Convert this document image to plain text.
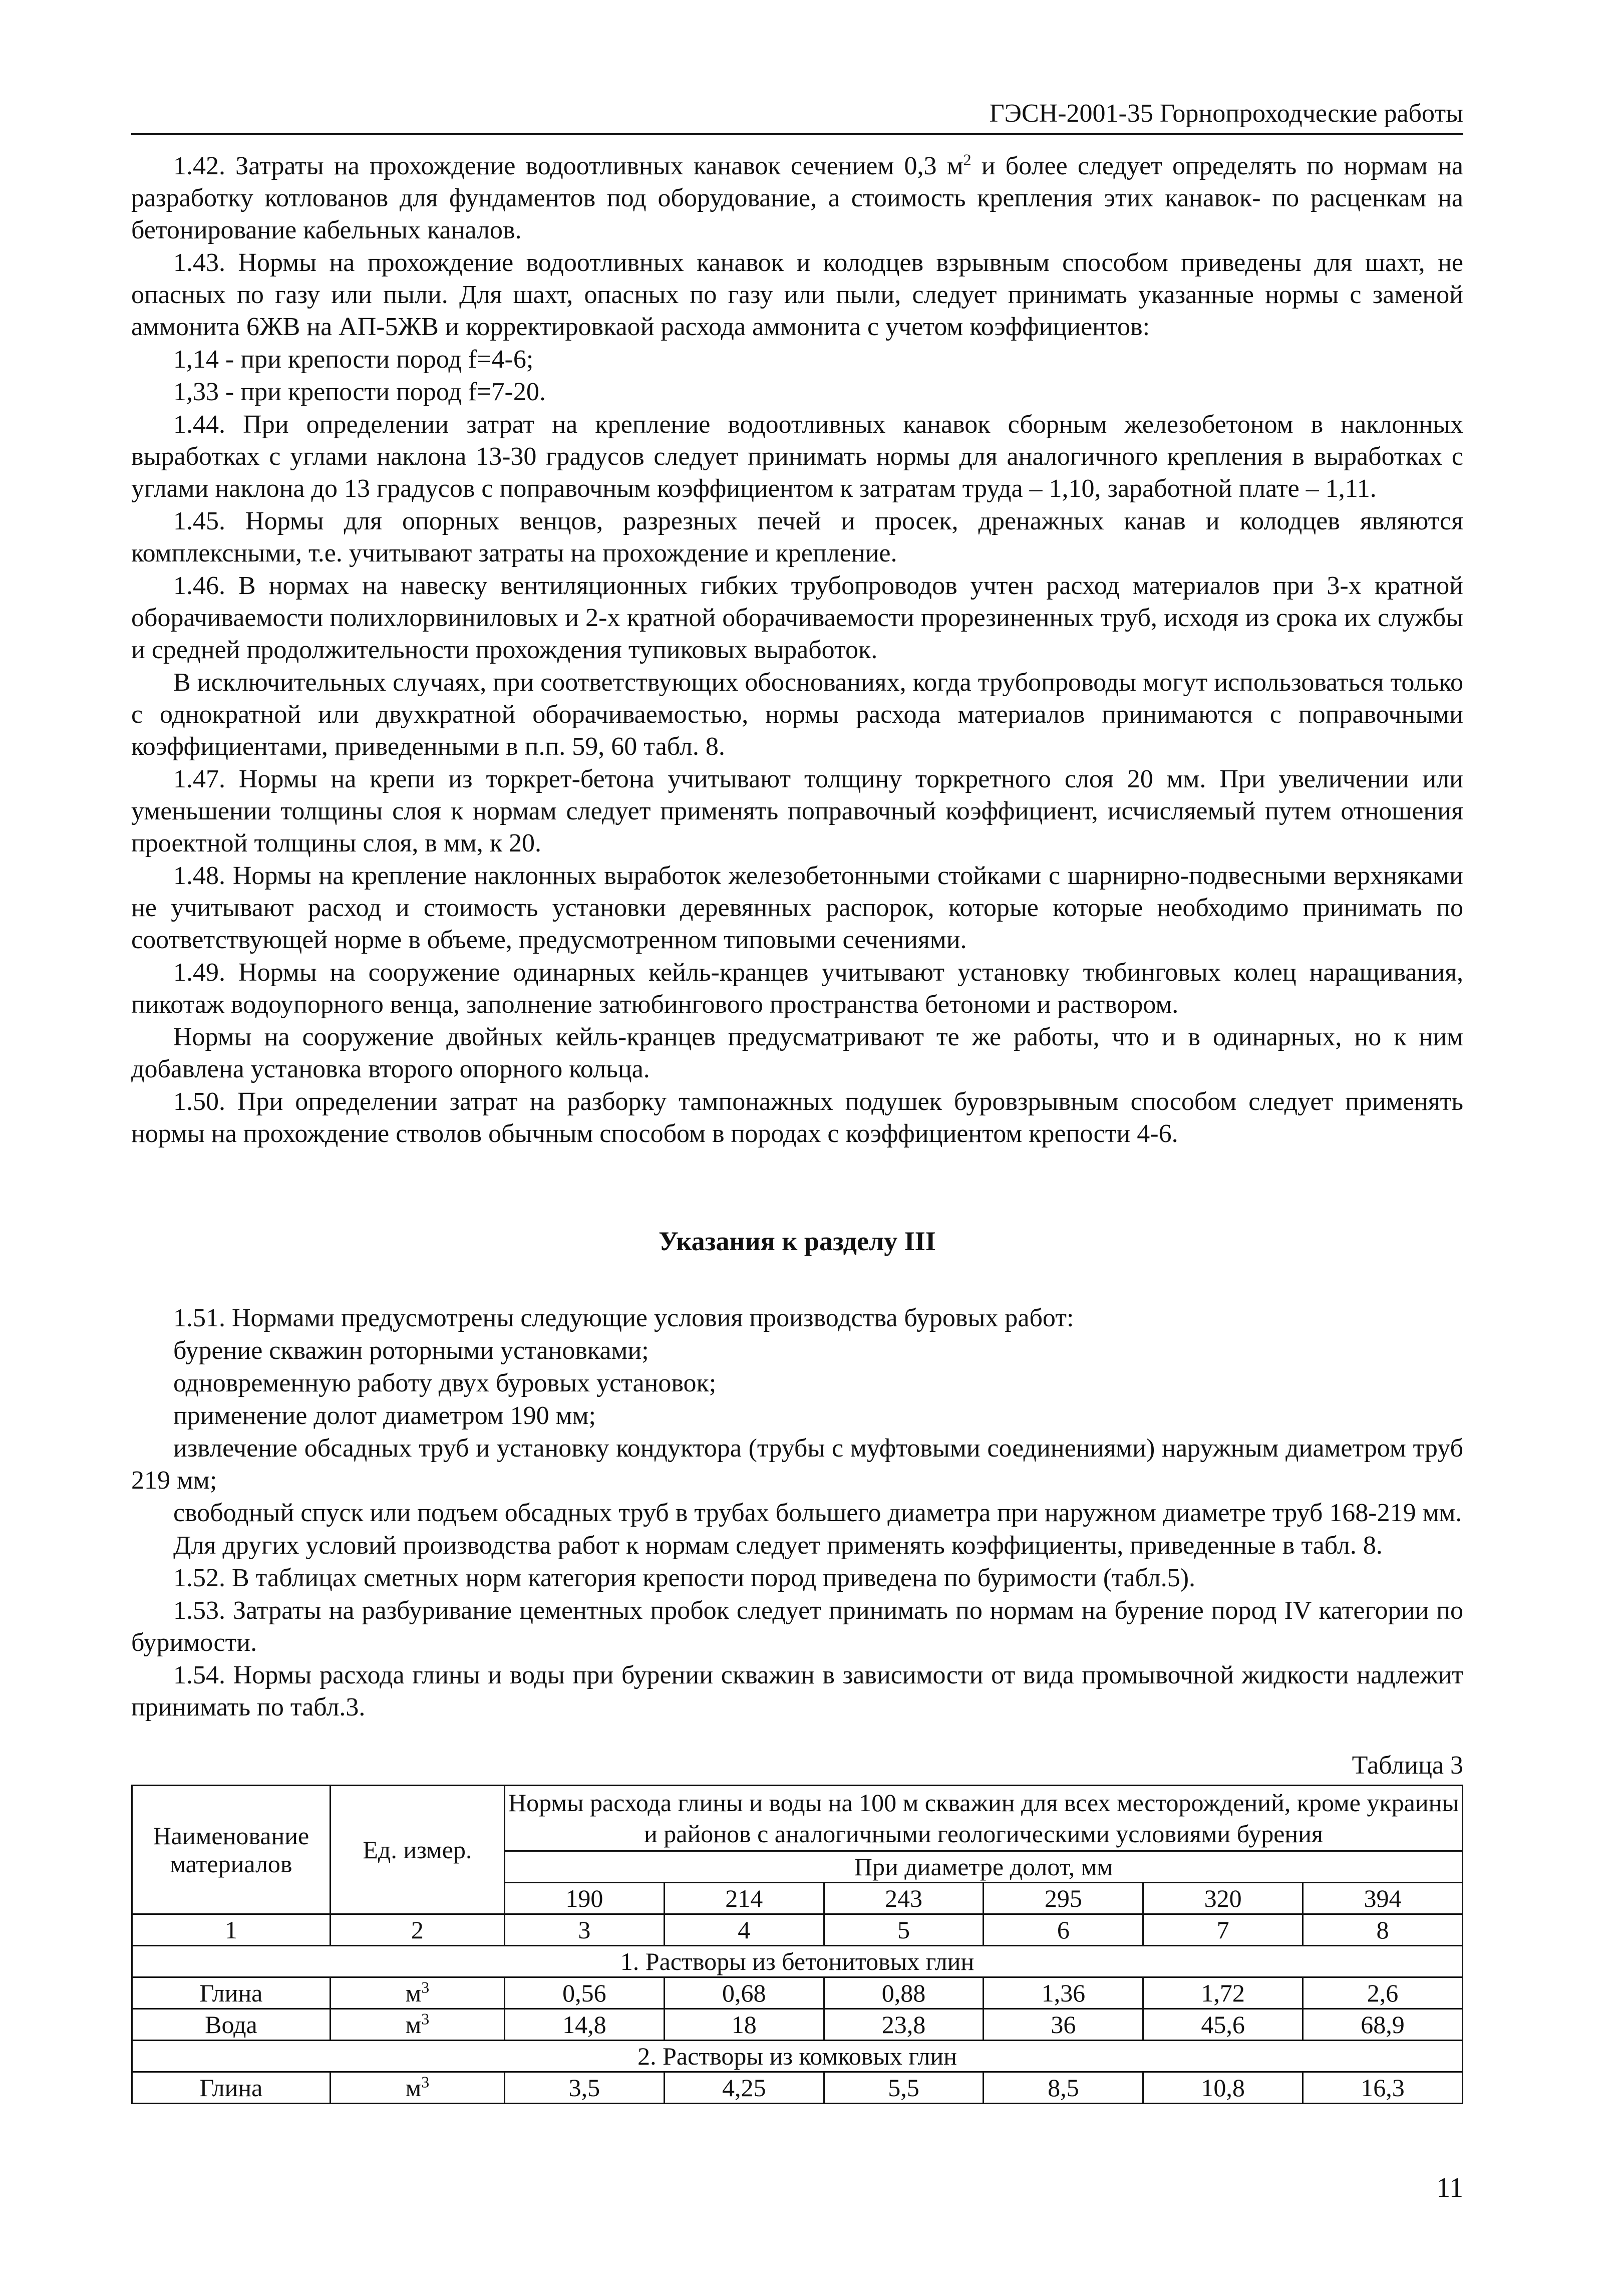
ГЭСН-2001-35 Горнопроходческие работы
1.42. Затраты на прохождение водоотливных канавок сечением 0,3 $м^2$ и более следует определять по нормам на разработку котлованов для фундаментов под оборудование, а стоимость крепления этих канавок- по расценкам на бетонирование кабельных каналов.
1.43. Нормы на прохождение водоотливных канавок и колодцев взрывным способом приведены для шахт, не опасных по газу или пыли. Для шахт, опасных по газу или пыли, следует принимать указанные нормы с заменой аммонита 6ЖВ на АП-5ЖВ и корректировкаой расхода аммонита с учетом коэффициентов:
1,14 - при крепости пород f=4-6;
1,33 - при крепости пород f=7-20.
1.44. При определении затрат на крепление водоотливных канавок сборным железобетоном в наклонных выработках с углами наклона 13-30 градусов следует принимать нормы для аналогичного крепления в выработках с углами наклона до 13 градусов с поправочным коэффициентом к затратам труда – 1,10, заработной плате – 1,11.
1.45. Нормы для опорных венцов, разрезных печей и просек, дренажных канав и колодцев являются комплексными, т.е. учитывают затраты на прохождение и крепление.
1.46. В нормах на навеску вентиляционных гибких трубопроводов учтен расход материалов при 3-х кратной оборачиваемости полихлорвиниловых и 2-х кратной оборачиваемости прорезиненных труб, исходя из срока их службы и средней продолжительности прохождения тупиковых выработок.
В исключительных случаях, при соответствующих обоснованиях, когда трубопроводы могут использоваться только с однократной или двухкратной оборачиваемостью, нормы расхода материалов принимаются с поправочными коэффициентами, приведенными в п.п. 59, 60 табл. 8.
1.47. Нормы на крепи из торкрет-бетона учитывают толщину торкретного слоя 20 мм. При увеличении или уменьшении толщины слоя к нормам следует применять поправочный коэффициент, исчисляемый путем отношения проектной толщины слоя, в мм, к 20.
1.48. Нормы на крепление наклонных выработок железобетонными стойками с шарнирно-подвесными верхняками не учитывают расход и стоимость установки деревянных распорок, которые которые необходимо принимать по соответствующей норме в объеме, предусмотренном типовыми сечениями.
1.49. Нормы на сооружение одинарных кейль-кранцев учитывают установку тюбинговых колец наращивания, пикотаж водоупорного венца, заполнение затюбингового пространства бетономи и раствором.
Нормы на сооружение двойных кейль-кранцев предусматривают те же работы, что и в одинарных, но к ним добавлена установка второго опорного кольца.
1.50. При определении затрат на разборку тампонажных подушек буровзрывным способом следует применять нормы на прохождение стволов обычным способом в породах с коэффициентом крепости 4-6.
Указания к разделу III
1.51. Нормами предусмотрены следующие условия производства буровых работ:
бурение скважин роторными установками;
одновременную работу двух буровых установок;
применение долот диаметром 190 мм;
извлечение обсадных труб и установку кондуктора (трубы с муфтовыми соединениями) наружным диаметром труб 219 мм;
свободный спуск или подъем обсадных труб в трубах большего диаметра при наружном диаметре труб 168-219 мм.
Для других условий производства работ к нормам следует применять коэффициенты, приведенные в табл. 8.
1.52. В таблицах сметных норм категория крепости пород приведена по буримости (табл.5).
1.53. Затраты на разбуривание цементных пробок следует принимать по нормам на бурение пород IV категории по буримости.
1.54. Нормы расхода глины и воды при бурении скважин в зависимости от вида промывочной жидкости надлежит принимать по табл.3.
Таблица 3
Наименование материалов	Ед. измер.	Нормы расхода глины и воды на 100 м скважин для всех месторождений, кроме украины и районов с аналогичными геологическими условиями бурения					
		При диаметре долот, мм					
		190	214	243	295	320	394
1	2	3	4	5	6	7	8
1. Растворы из бетонитовых глин							
Глина	$м^3$	0,56	0,68	0,88	1,36	1,72	2,6
Вода	$м^3$	14,8	18	23,8	36	45,6	68,9
2. Растворы из комковых глин							
Глина	$м^3$	3,5	4,25	5,5	8,5	10,8	16,3
11
